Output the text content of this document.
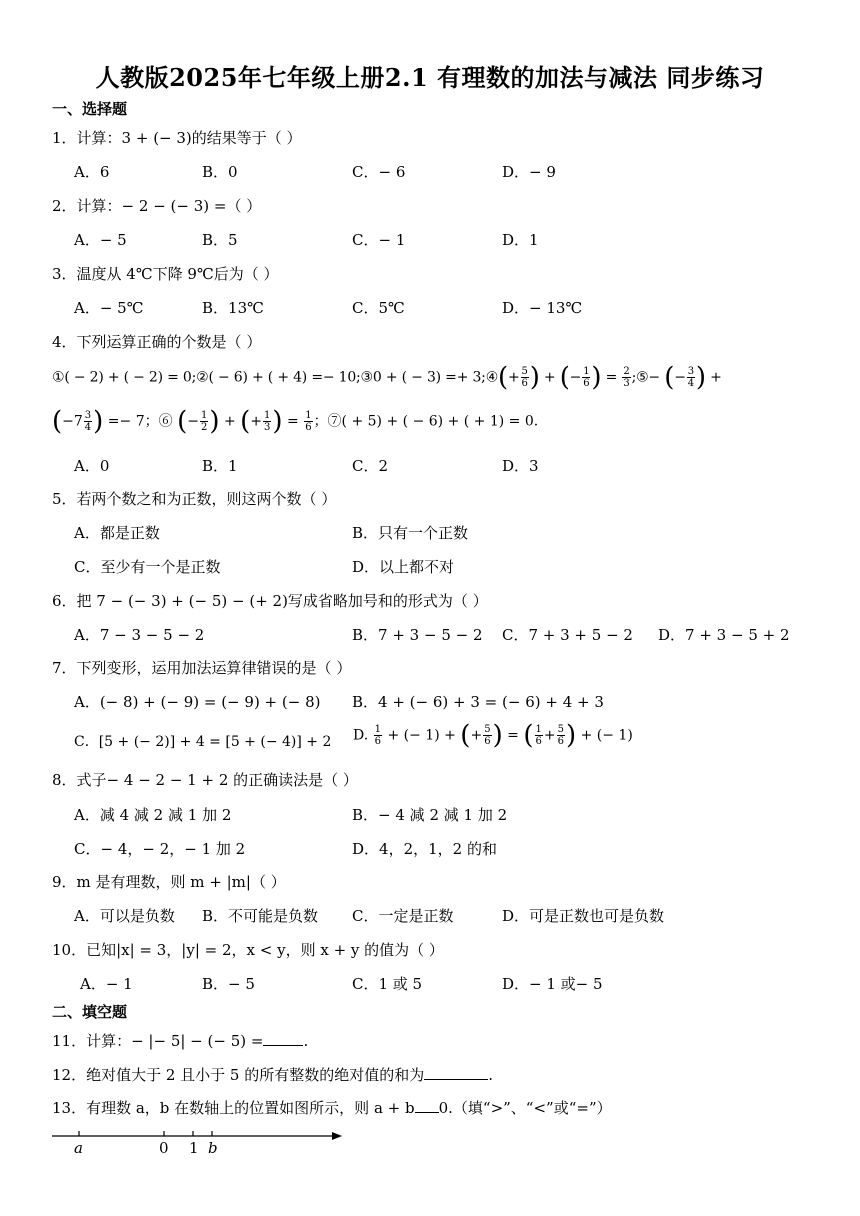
人教版2025年七年级上册2.1 有理数的加法与减法 同步练习
一、选择题
1．计算：3 + (− 3)的结果等于（ ）
A．6	B．0	C．− 6	D．− 9
2．计算：− 2 − (− 3) =（ ）
A．− 5	B．5	C．− 1	D．1
3．温度从 4℃下降 9℃后为（ ）
A．− 5℃	B．13℃	C．5℃	D．− 13℃
4．下列运算正确的个数是（ ）
①( − 2) + ( − 2) = 0;②( − 6) + ( + 4) =− 10;③0 + ( − 3) =+ 3;④(+ $\frac{5}{6}$ ) + (− $\frac{1}{6}$ ) = $\frac{2}{3}$ ;⑤− (− $\frac{3}{4}$ ) +
($-7 \frac{3}{4}$ ) =− 7；⑥ (− $\frac{1}{2}$ ) + (+ $\frac{1}{3}$ ) = $\frac{1}{6}$ ；⑦( + 5) + ( − 6) + ( + 1) = 0.
A．0	B．1	C．2	D．3
5．若两个数之和为正数，则这两个数（ ）
A．都是正数	B．只有一个正数
C．至少有一个是正数	D．以上都不对
6．把 7 − (− 3) + (− 5) − (+ 2)写成省略加号和的形式为（ ）
A．7 − 3 − 5 − 2	B．7 + 3 − 5 − 2 C．7 + 3 + 5 − 2 D．7 + 3 − 5 + 2
7．下列变形，运用加法运算律错误的是（ ）
A．(− 8) + (− 9) = (− 9) + (− 8) B．4 + (− 6) + 3 = (− 6) + 4 + 3
C．[5 + (− 2)] + 4 = [5 + (− 4)] + 2 D. $\frac{1}{6}$ + (− 1) + (+ $\frac{5}{6}$ ) = ( $\frac{1}{6} + \frac{5}{6}$ ) + (− 1)
8．式子− 4 − 2 − 1 + 2 的正确读法是（ ）
A．减 4 减 2 减 1 加 2	B．− 4 减 2 减 1 加 2
C．− 4，− 2，− 1 加 2	D．4，2，1，2 的和
9．m 是有理数，则 m + |m|（ ）
A．可以是负数 B．不可能是负数 C．一定是正数	D．可是正数也可是负数
10．已知|x| = 3，|y| = 2，x < y，则 x + y 的值为（ ）
A．− 1	B．− 5	C．1 或 5	D．− 1 或− 5
二、填空题
11．计算：− |− 5| − (− 5) =	.
12．绝对值大于 2 且小于 5 的所有整数的绝对值的和为	.
13．有理数 a，b 在数轴上的位置如图所示，则 a + b 0.（填“>”、“<”或“=”）
a	0 1 b
